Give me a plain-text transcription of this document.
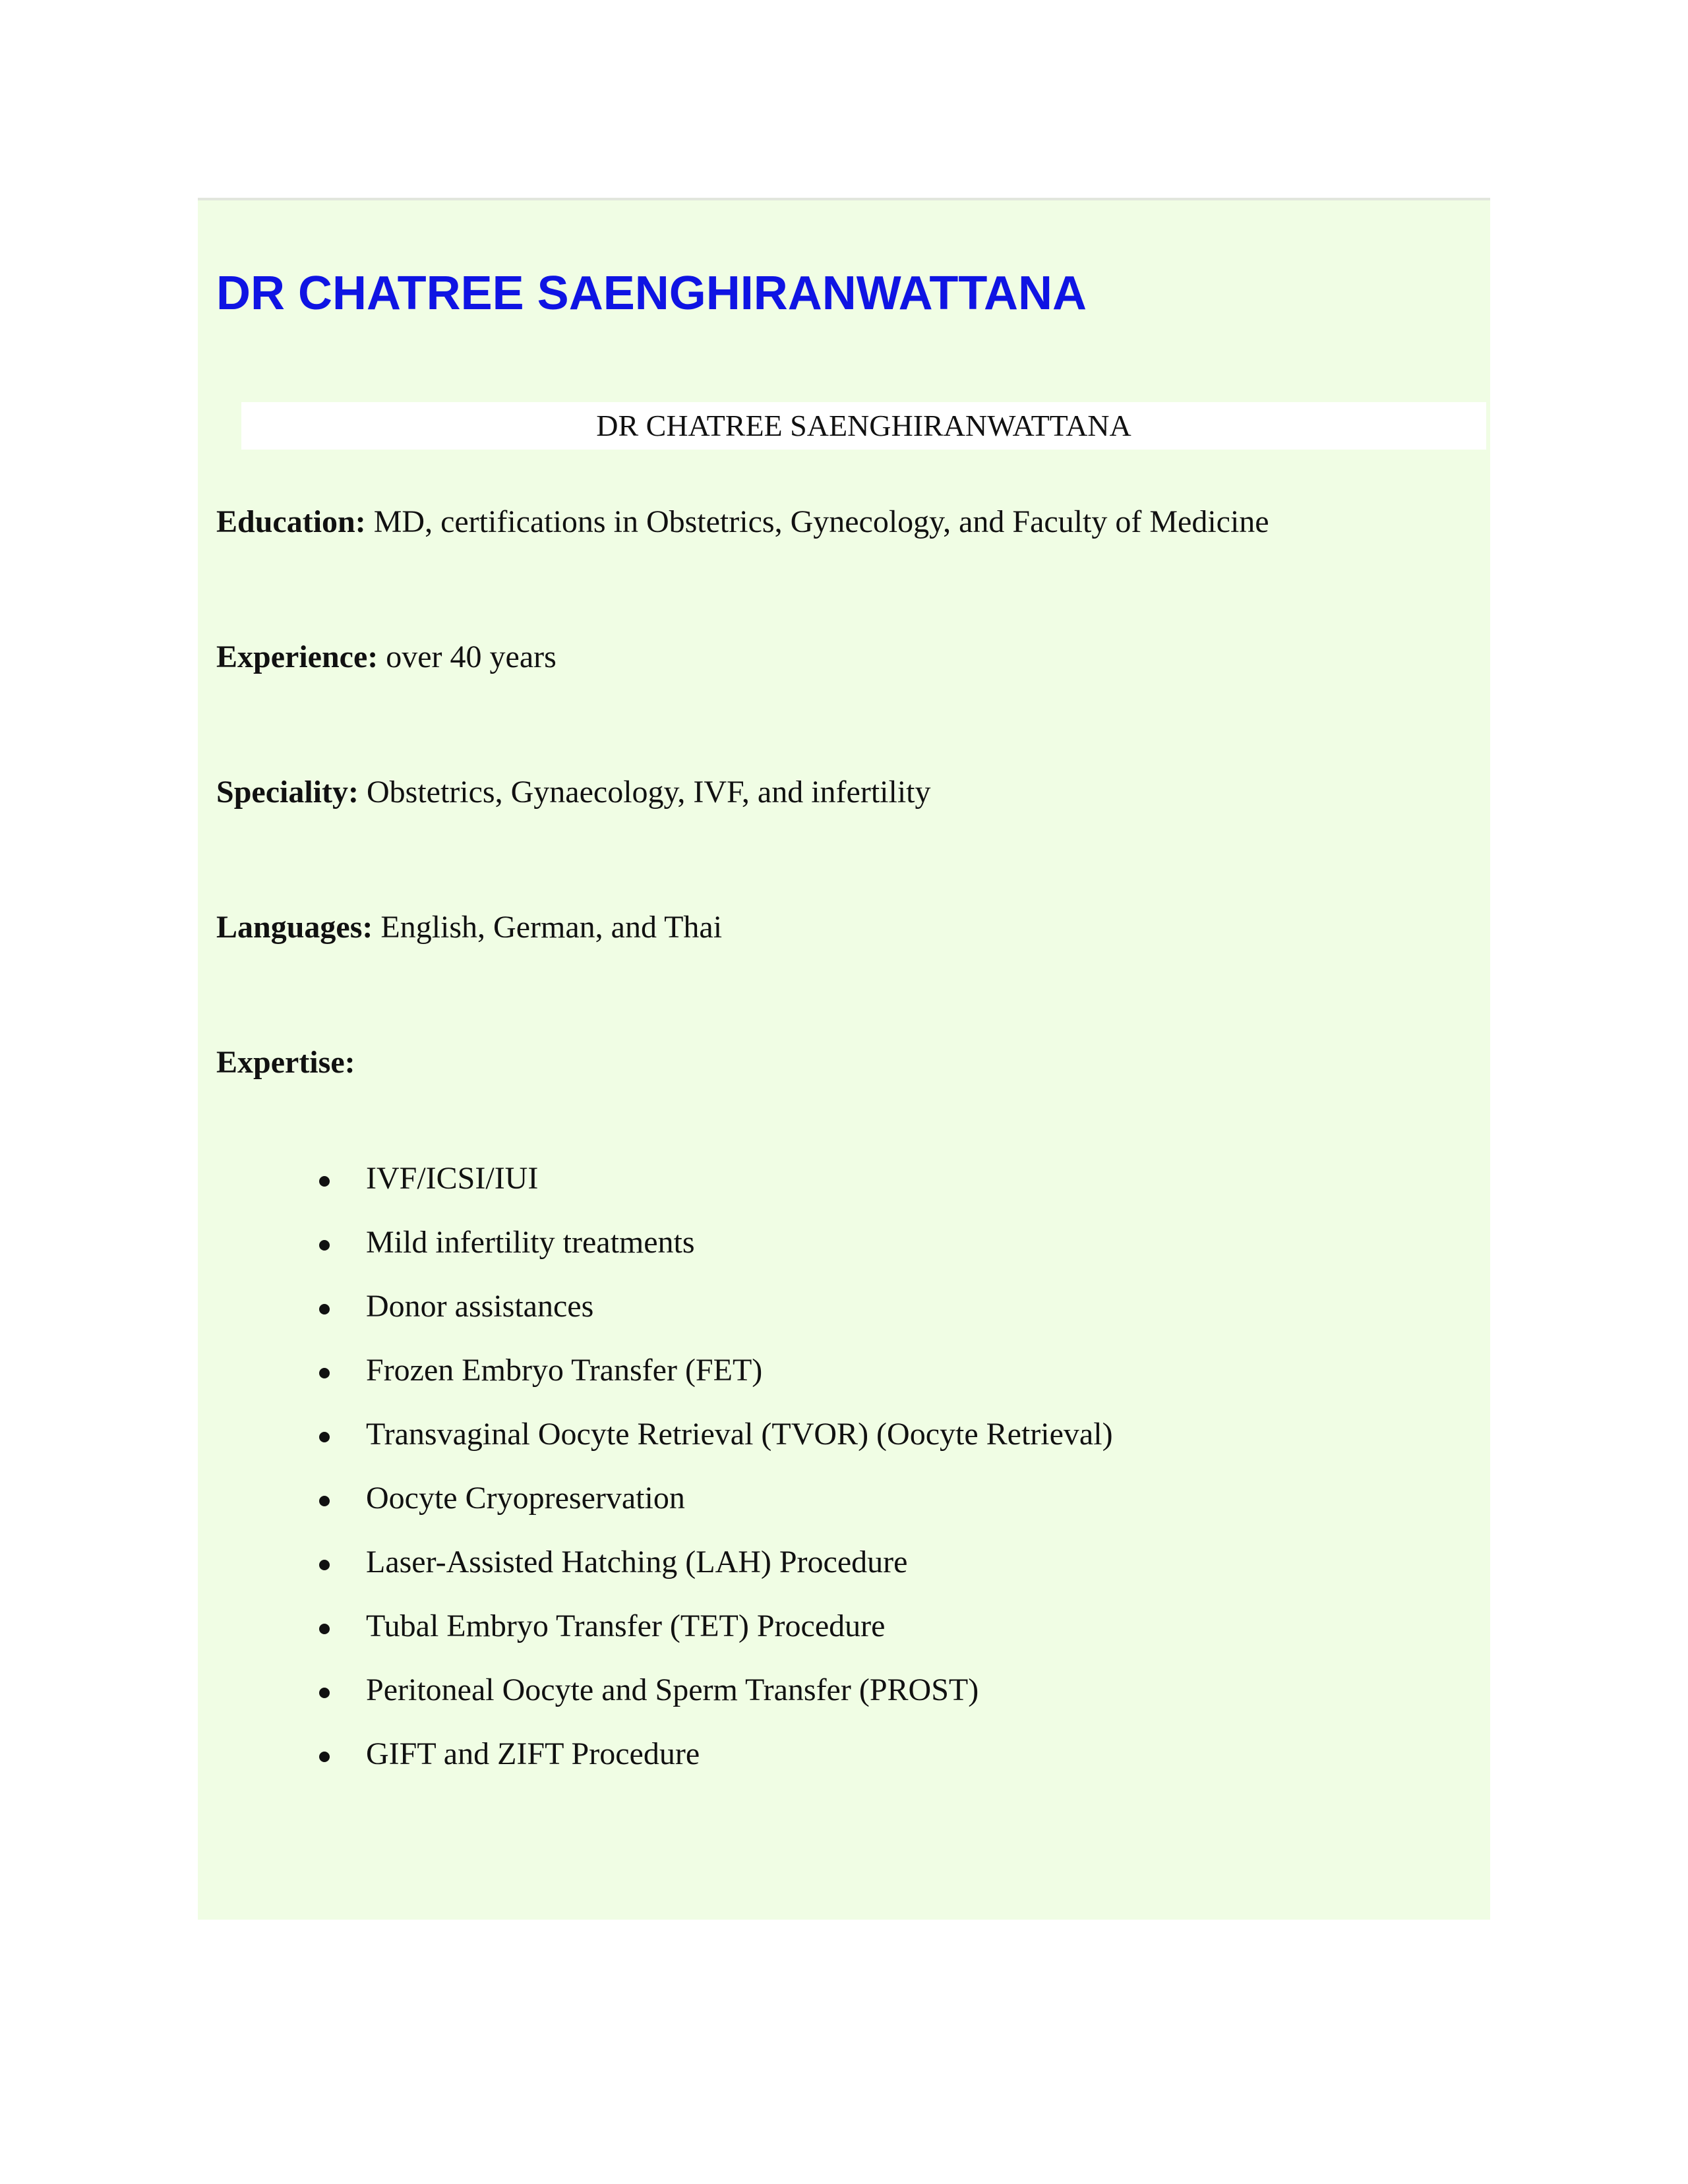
DR CHATREE SAENGHIRANWATTANA
DR CHATREE SAENGHIRANWATTANA

Education: MD, certifications in Obstetrics, Gynecology, and Faculty of Medicine

Experience: over 40 years

Speciality: Obstetrics, Gynaecology, IVF, and infertility

Languages: English, German, and Thai

Expertise:

IVF/ICSI/IUI
Mild infertility treatments
Donor assistances
Frozen Embryo Transfer (FET)
Transvaginal Oocyte Retrieval (TVOR) (Oocyte Retrieval)
Oocyte Cryopreservation
Laser-Assisted Hatching (LAH) Procedure
Tubal Embryo Transfer (TET) Procedure
Peritoneal Oocyte and Sperm Transfer (PROST)
GIFT and ZIFT Procedure
